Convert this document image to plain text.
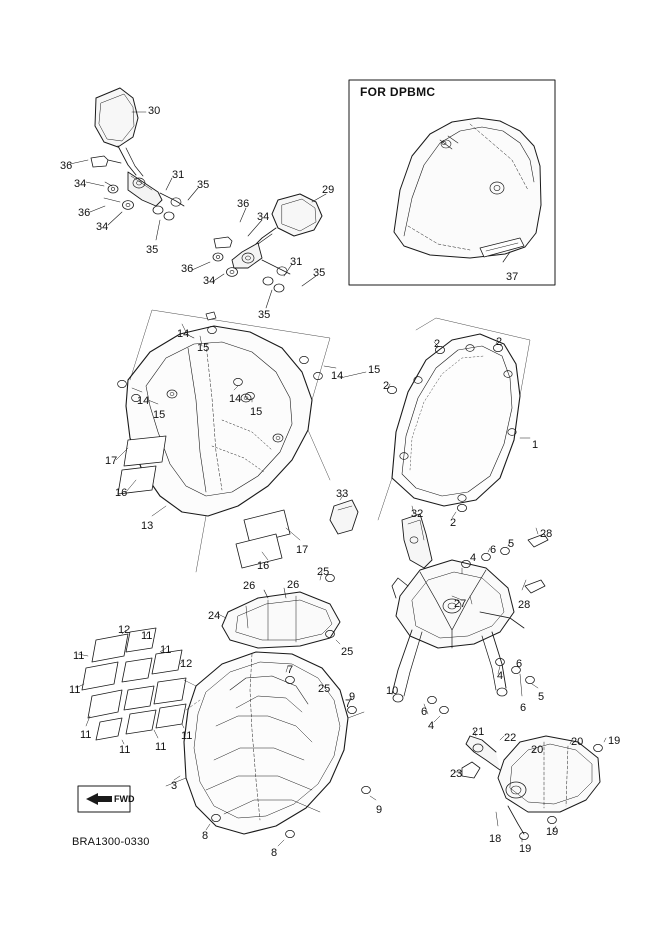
FOR DPBMC
FWD
BRA1300-0330
30
36
34
36
34
31
35
35
36
34
36
34
31
35
35
29
37
14
15
14 15
14
15
14
15
17
16
13
16
17
2	2
2
1
2
33
32
28
4
6 5
28
27
26	26
24
25
25
25
12 11
11	11
12
11
11
11 11
11
7
7
9	10
6
4
6
5
6
4
21 22
20
20 19
23
18
19
19
3
8
8
9
